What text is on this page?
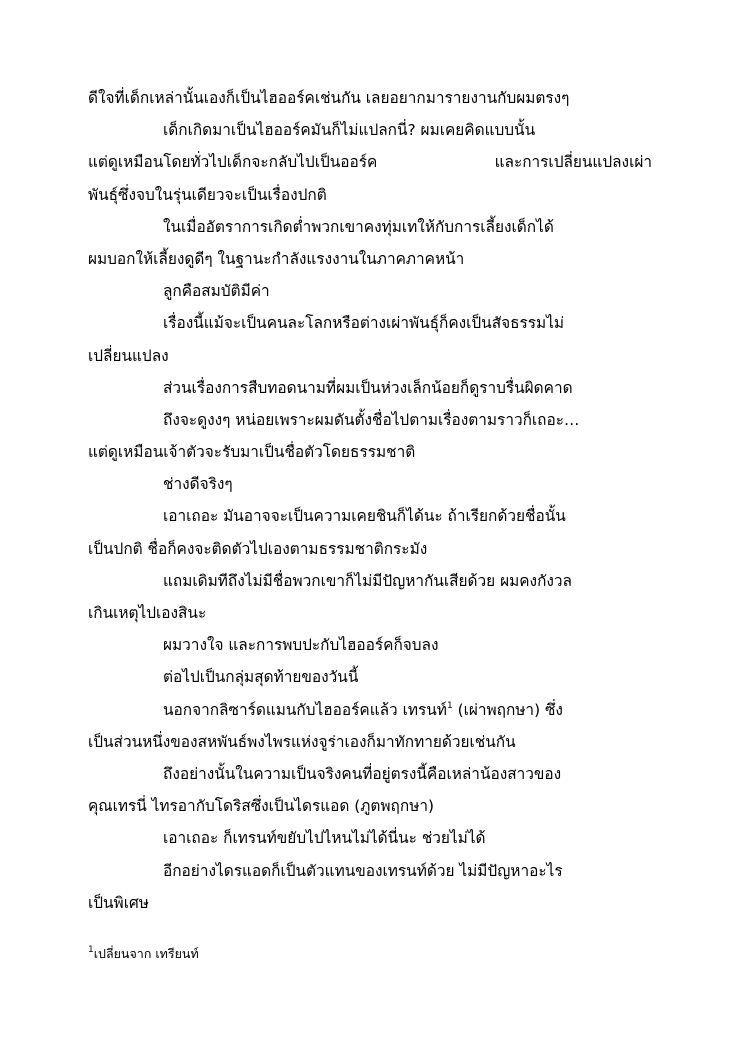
ดีใจที่เด็กเหล่านั้นเองก็เป็นไฮออร์คเช่นกัน เลยอยากมารายงานกับผมตรงๆ
เด็กเกิดมาเป็นไฮออร์คมันก็ไม่แปลกนี่? ผมเคยคิดแบบนั้น
แต่ดูเหมือนโดยทั่วไปเด็กจะกลับไปเป็นออร์ค และการเปลี่ยนแปลงเผ่า
พันธุ์ซึ่งจบในรุ่นเดียวจะเป็นเรื่องปกติ
ในเมื่ออัตราการเกิดต่ำพวกเขาคงทุ่มเทให้กับการเลี้ยงเด็กได้
ผมบอกให้เลี้ยงดูดีๆ ในฐานะกำลังแรงงานในภาคภาคหน้า
ลูกคือสมบัติมีค่า
เรื่องนี้แม้จะเป็นคนละโลกหรือต่างเผ่าพันธุ์ก็คงเป็นสัจธรรมไม่
เปลี่ยนแปลง
ส่วนเรื่องการสืบทอดนามที่ผมเป็นห่วงเล็กน้อยก็ดูราบรื่นผิดคาด
ถึงจะดูงงๆ หน่อยเพราะผมดันตั้งชื่อไปตามเรื่องตามราวก็เถอะ…
แต่ดูเหมือนเจ้าตัวจะรับมาเป็นชื่อตัวโดยธรรมชาติ
ช่างดีจริงๆ
เอาเถอะ มันอาจจะเป็นความเคยชินก็ได้นะ ถ้าเรียกด้วยชื่อนั้น
เป็นปกติ ชื่อก็คงจะติดตัวไปเองตามธรรมชาติกระมัง
แถมเดิมทีถึงไม่มีชื่อพวกเขาก็ไม่มีปัญหากันเสียด้วย ผมคงกังวล
เกินเหตุไปเองสินะ
ผมวางใจ และการพบปะกับไฮออร์คก็จบลง
ต่อไปเป็นกลุ่มสุดท้ายของวันนี้
นอกจากลิซาร์ดแมนกับไฮออร์คแล้ว เทรนท์$^1$ (เผ่าพฤกษา) ซึ่ง
เป็นส่วนหนึ่งของสหพันธ์พงไพรแห่งจูร่าเองก็มาทักทายด้วยเช่นกัน
ถึงอย่างนั้นในความเป็นจริงคนที่อยู่ตรงนี้คือเหล่าน้องสาวของ
คุณเทรนี่ ไทรอากับโดริสซึ่งเป็นไดรแอด (ภูตพฤกษา)
เอาเถอะ ก็เทรนท์ขยับไปไหนไม่ได้นี่นะ ช่วยไม่ได้
อีกอย่างไดรแอดก็เป็นตัวแทนของเทรนท์ด้วย ไม่มีปัญหาอะไร
เป็นพิเศษ
$^1$เปลี่ยนจาก เทรียนท์
